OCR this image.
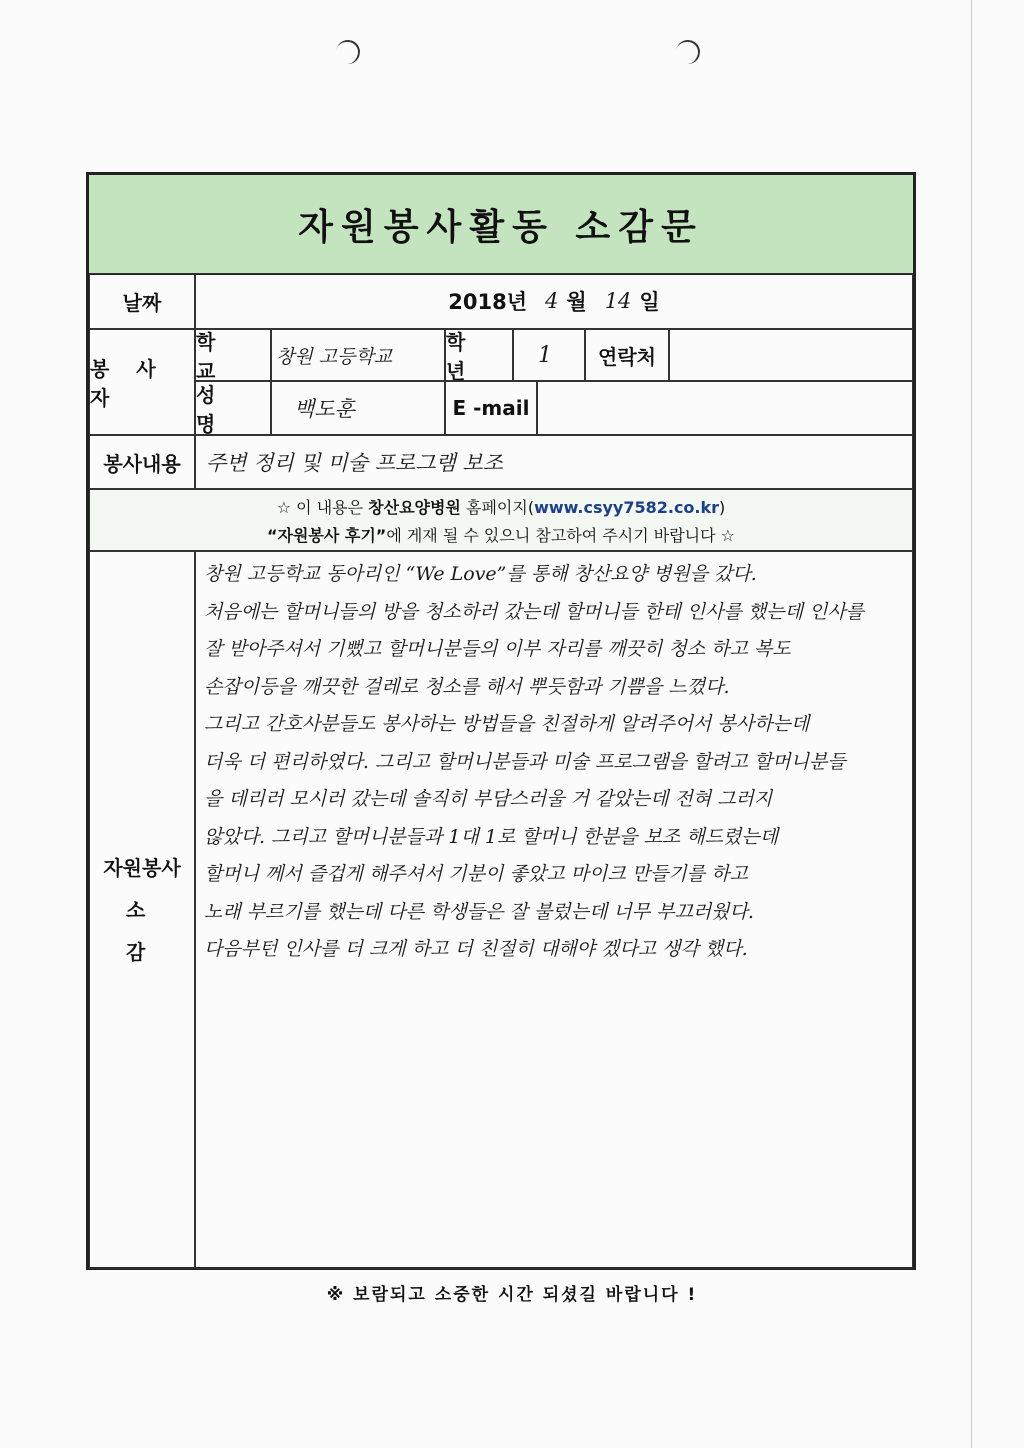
자원봉사활동 소감문
날짜	2018년 4 월 14 일
봉 사 자
학 교
창원 고등학교
학 년
1 연락처
성 명
백도훈	E -mail
봉사내용 주변 정리 및 미술 프로그램 보조
☆ 이 내용은 창산요양병원 홈페이지(www.csyy7582.co.kr)
“자원봉사 후기”에 게재 될 수 있으니 참고하여 주시기 바랍니다 ☆
자원봉사
소 감

창원 고등학교 동아리인 “We Love”를 통해 창산요양 병원을 갔다.

처음에는 할머니들의 방을 청소하러 갔는데 할머니들 한테 인사를 했는데 인사를

잘 받아주셔서 기뻤고 할머니분들의 이부 자리를 깨끗히 청소 하고 복도

손잡이등을 깨끗한 걸레로 청소를 해서 뿌듯함과 기쁨을 느꼈다.

그리고 간호사분들도 봉사하는 방법들을 친절하게 알려주어서 봉사하는데

더욱 더 편리하였다. 그리고 할머니분들과 미술 프로그램을 할려고 할머니분들

을 데리러 모시러 갔는데 솔직히 부담스러울 거 같았는데 전혀 그러지

않았다. 그리고 할머니분들과 1대 1로 할머니 한분을 보조 해드렸는데

할머니 께서 즐겁게 해주셔서 기분이 좋았고 마이크 만들기를 하고

노래 부르기를 했는데 다른 학생들은 잘 불렀는데 너무 부끄러웠다.

다음부턴 인사를 더 크게 하고 더 친절히 대해야 겠다고 생각 했다.

※ 보람되고 소중한 시간 되셨길 바랍니다 !
